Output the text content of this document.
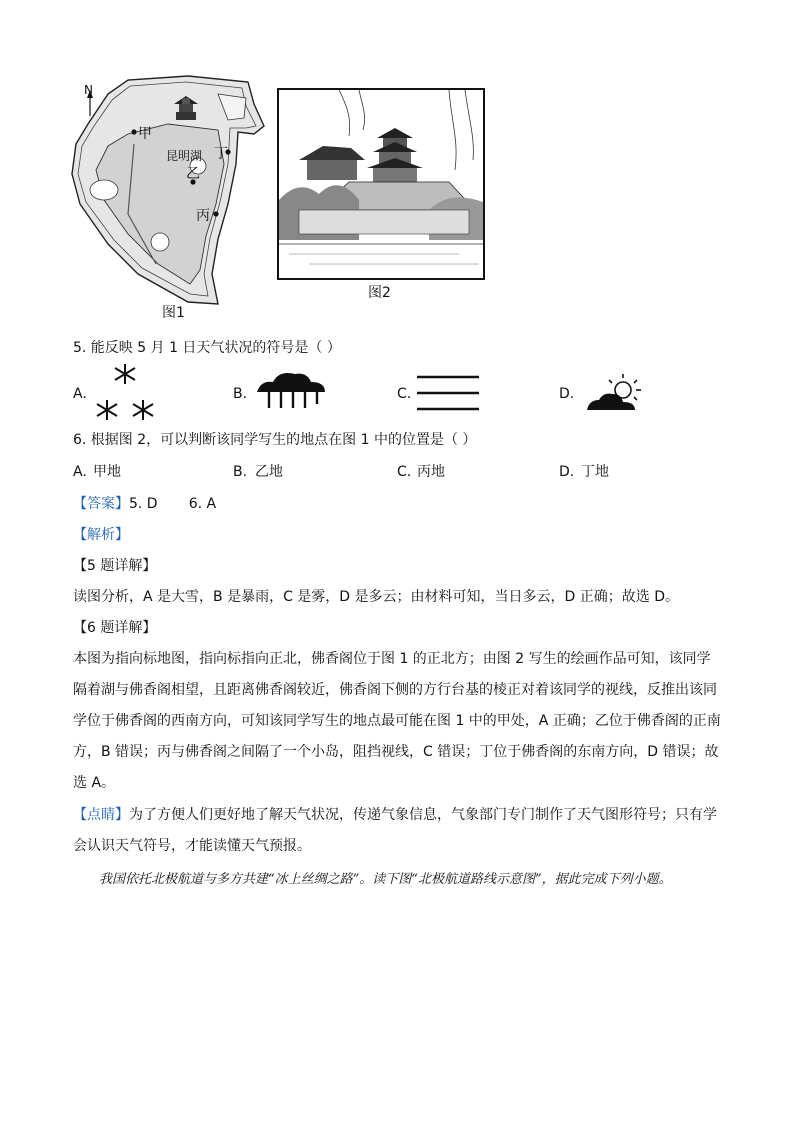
N
甲
丁
昆明湖
乙
丙
图1
图2
5. 能反映 5 月 1 日天气状况的符号是（ ）
A.	B.	C.	D.
6. 根据图 2，可以判断该同学写生的地点在图 1 中的位置是（ ）
A. 甲地	B. 乙地	C. 丙地	D. 丁地
【答案】5. D       6. A
【解析】
【5 题详解】
读图分析，A 是大雪，B 是暴雨，C 是雾，D 是多云；由材料可知，当日多云，D 正确；故选 D。
【6 题详解】
本图为指向标地图，指向标指向正北，佛香阁位于图 1 的正北方；由图 2 写生的绘画作品可知，该同学隔着湖与佛香阁相望，且距离佛香阁较近，佛香阁下侧的方行台基的棱正对着该同学的视线，反推出该同学位于佛香阁的西南方向，可知该同学写生的地点最可能在图 1 中的甲处，A 正确；乙位于佛香阁的正南方，B 错误；丙与佛香阁之间隔了一个小岛，阻挡视线，C 错误；丁位于佛香阁的东南方向，D 错误；故选 A。
【点睛】为了方便人们更好地了解天气状况，传递气象信息，气象部门专门制作了天气图形符号；只有学会认识天气符号，才能读懂天气预报。
我国依托北极航道与多方共建“冰上丝绸之路”。读下图“北极航道路线示意图”，据此完成下列小题。
